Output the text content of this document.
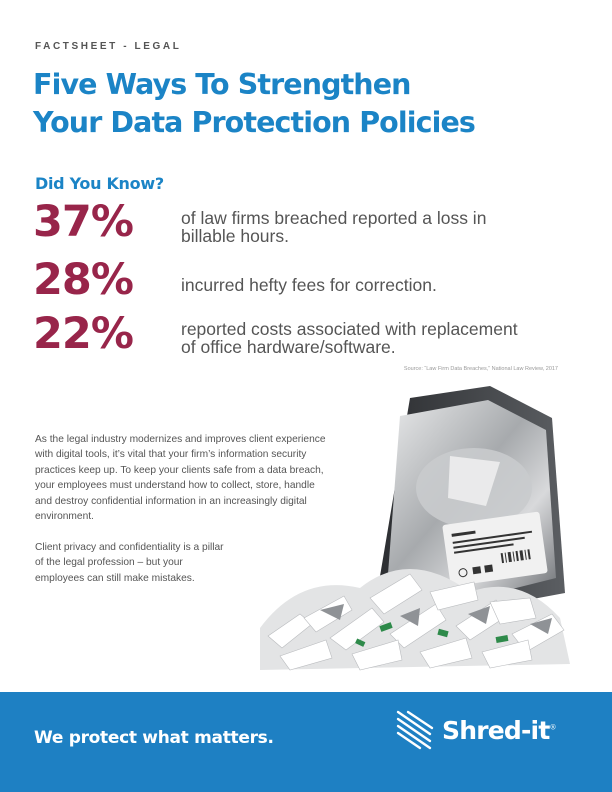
FACTSHEET - LEGAL
Five Ways To Strengthen
Your Data Protection Policies
Did You Know?
37%	of law firms breached reported a loss in
billable hours.
28%	incurred hefty fees for correction.
22%	reported costs associated with replacement
of office hardware/software.
Source: “Law Firm Data Breaches,” National Law Review, 2017
As the legal industry modernizes and improves client experience
with digital tools, it’s vital that your firm’s information security
practices keep up. To keep your clients safe from a data breach,
your employees must understand how to collect, store, handle
and destroy confidential information in an increasingly digital
environment.
Client privacy and confidentiality is a pillar
of the legal profession – but your
employees can still make mistakes.
We protect what matters.	Shred-it®
